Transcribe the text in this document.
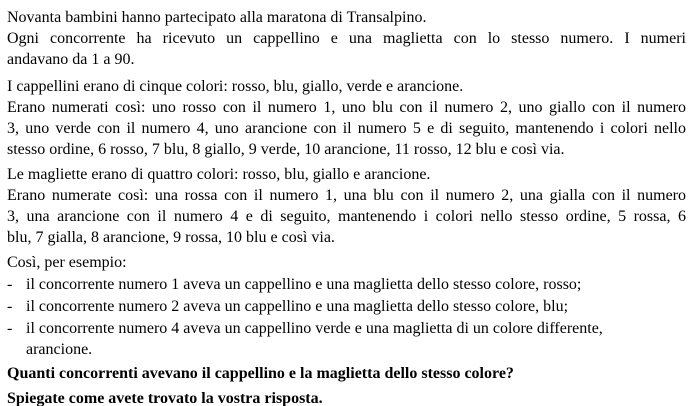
Novanta bambini hanno partecipato alla maratona di Transalpino.
Ogni concorrente ha ricevuto un cappellino e una maglietta con lo stesso numero. I numeri
andavano da 1 a 90.
I cappellini erano di cinque colori: rosso, blu, giallo, verde e arancione.
Erano numerati così: uno rosso con il numero 1, uno blu con il numero 2, uno giallo con il numero
3, uno verde con il numero 4, uno arancione con il numero 5 e di seguito, mantenendo i colori nello
stesso ordine, 6 rosso, 7 blu, 8 giallo, 9 verde, 10 arancione, 11 rosso, 12 blu e così via.
Le magliette erano di quattro colori: rosso, blu, giallo e arancione.
Erano numerate così: una rossa con il numero 1, una blu con il numero 2, una gialla con il numero
3, una arancione con il numero 4 e di seguito, mantenendo i colori nello stesso ordine, 5 rossa, 6
blu, 7 gialla, 8 arancione, 9 rossa, 10 blu e così via.
Così, per esempio:
- il concorrente numero 1 aveva un cappellino e una maglietta dello stesso colore, rosso;
- il concorrente numero 2 aveva un cappellino e una maglietta dello stesso colore, blu;
- il concorrente numero 4 aveva un cappellino verde e una maglietta di un colore differente,
arancione.
Quanti concorrenti avevano il cappellino e la maglietta dello stesso colore?
Spiegate come avete trovato la vostra risposta.
